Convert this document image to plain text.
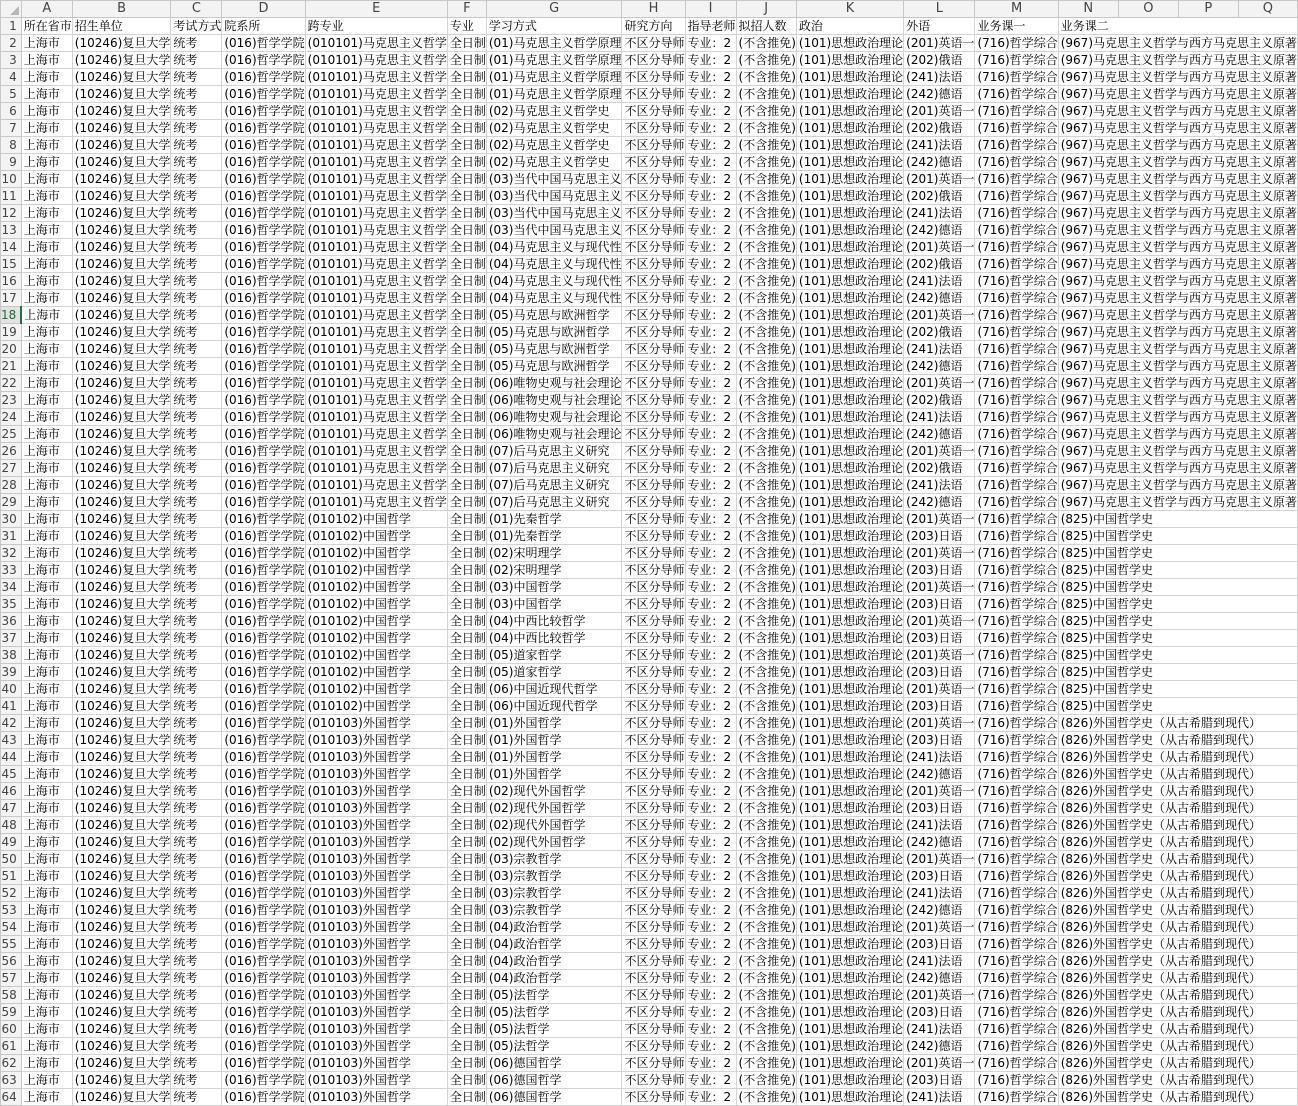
	A	B	C	D	E	F	G	H	I	J	K	L	M	N	O	P	Q
1	所在省市	招生单位	考试方式	院系所	跨专业	专业	学习方式	研究方向	指导老师	拟招人数	政治	外语	业务课一	业务课二			
2	上海市	(10246)复旦大学	统考	(016)哲学学院	(010101)马克思主义哲学	全日制	(01)马克思主义哲学原理	不区分导师	专业：2	(不含推免)	(101)思想政治理论	(201)英语一	(716)哲学综合	(967)马克思主义哲学与西方马克思主义原著			
3	上海市	(10246)复旦大学	统考	(016)哲学学院	(010101)马克思主义哲学	全日制	(01)马克思主义哲学原理	不区分导师	专业：2	(不含推免)	(101)思想政治理论	(202)俄语	(716)哲学综合	(967)马克思主义哲学与西方马克思主义原著			
4	上海市	(10246)复旦大学	统考	(016)哲学学院	(010101)马克思主义哲学	全日制	(01)马克思主义哲学原理	不区分导师	专业：2	(不含推免)	(101)思想政治理论	(241)法语	(716)哲学综合	(967)马克思主义哲学与西方马克思主义原著			
5	上海市	(10246)复旦大学	统考	(016)哲学学院	(010101)马克思主义哲学	全日制	(01)马克思主义哲学原理	不区分导师	专业：2	(不含推免)	(101)思想政治理论	(242)德语	(716)哲学综合	(967)马克思主义哲学与西方马克思主义原著			
6	上海市	(10246)复旦大学	统考	(016)哲学学院	(010101)马克思主义哲学	全日制	(02)马克思主义哲学史	不区分导师	专业：2	(不含推免)	(101)思想政治理论	(201)英语一	(716)哲学综合	(967)马克思主义哲学与西方马克思主义原著			
7	上海市	(10246)复旦大学	统考	(016)哲学学院	(010101)马克思主义哲学	全日制	(02)马克思主义哲学史	不区分导师	专业：2	(不含推免)	(101)思想政治理论	(202)俄语	(716)哲学综合	(967)马克思主义哲学与西方马克思主义原著			
8	上海市	(10246)复旦大学	统考	(016)哲学学院	(010101)马克思主义哲学	全日制	(02)马克思主义哲学史	不区分导师	专业：2	(不含推免)	(101)思想政治理论	(241)法语	(716)哲学综合	(967)马克思主义哲学与西方马克思主义原著			
9	上海市	(10246)复旦大学	统考	(016)哲学学院	(010101)马克思主义哲学	全日制	(02)马克思主义哲学史	不区分导师	专业：2	(不含推免)	(101)思想政治理论	(242)德语	(716)哲学综合	(967)马克思主义哲学与西方马克思主义原著			
10	上海市	(10246)复旦大学	统考	(016)哲学学院	(010101)马克思主义哲学	全日制	(03)当代中国马克思主义	不区分导师	专业：2	(不含推免)	(101)思想政治理论	(201)英语一	(716)哲学综合	(967)马克思主义哲学与西方马克思主义原著			
11	上海市	(10246)复旦大学	统考	(016)哲学学院	(010101)马克思主义哲学	全日制	(03)当代中国马克思主义	不区分导师	专业：2	(不含推免)	(101)思想政治理论	(202)俄语	(716)哲学综合	(967)马克思主义哲学与西方马克思主义原著			
12	上海市	(10246)复旦大学	统考	(016)哲学学院	(010101)马克思主义哲学	全日制	(03)当代中国马克思主义	不区分导师	专业：2	(不含推免)	(101)思想政治理论	(241)法语	(716)哲学综合	(967)马克思主义哲学与西方马克思主义原著			
13	上海市	(10246)复旦大学	统考	(016)哲学学院	(010101)马克思主义哲学	全日制	(03)当代中国马克思主义	不区分导师	专业：2	(不含推免)	(101)思想政治理论	(242)德语	(716)哲学综合	(967)马克思主义哲学与西方马克思主义原著			
14	上海市	(10246)复旦大学	统考	(016)哲学学院	(010101)马克思主义哲学	全日制	(04)马克思主义与现代性	不区分导师	专业：2	(不含推免)	(101)思想政治理论	(201)英语一	(716)哲学综合	(967)马克思主义哲学与西方马克思主义原著			
15	上海市	(10246)复旦大学	统考	(016)哲学学院	(010101)马克思主义哲学	全日制	(04)马克思主义与现代性	不区分导师	专业：2	(不含推免)	(101)思想政治理论	(202)俄语	(716)哲学综合	(967)马克思主义哲学与西方马克思主义原著			
16	上海市	(10246)复旦大学	统考	(016)哲学学院	(010101)马克思主义哲学	全日制	(04)马克思主义与现代性	不区分导师	专业：2	(不含推免)	(101)思想政治理论	(241)法语	(716)哲学综合	(967)马克思主义哲学与西方马克思主义原著			
17	上海市	(10246)复旦大学	统考	(016)哲学学院	(010101)马克思主义哲学	全日制	(04)马克思主义与现代性	不区分导师	专业：2	(不含推免)	(101)思想政治理论	(242)德语	(716)哲学综合	(967)马克思主义哲学与西方马克思主义原著			
18	上海市	(10246)复旦大学	统考	(016)哲学学院	(010101)马克思主义哲学	全日制	(05)马克思与欧洲哲学	不区分导师	专业：2	(不含推免)	(101)思想政治理论	(201)英语一	(716)哲学综合	(967)马克思主义哲学与西方马克思主义原著			
19	上海市	(10246)复旦大学	统考	(016)哲学学院	(010101)马克思主义哲学	全日制	(05)马克思与欧洲哲学	不区分导师	专业：2	(不含推免)	(101)思想政治理论	(202)俄语	(716)哲学综合	(967)马克思主义哲学与西方马克思主义原著			
20	上海市	(10246)复旦大学	统考	(016)哲学学院	(010101)马克思主义哲学	全日制	(05)马克思与欧洲哲学	不区分导师	专业：2	(不含推免)	(101)思想政治理论	(241)法语	(716)哲学综合	(967)马克思主义哲学与西方马克思主义原著			
21	上海市	(10246)复旦大学	统考	(016)哲学学院	(010101)马克思主义哲学	全日制	(05)马克思与欧洲哲学	不区分导师	专业：2	(不含推免)	(101)思想政治理论	(242)德语	(716)哲学综合	(967)马克思主义哲学与西方马克思主义原著			
22	上海市	(10246)复旦大学	统考	(016)哲学学院	(010101)马克思主义哲学	全日制	(06)唯物史观与社会理论	不区分导师	专业：2	(不含推免)	(101)思想政治理论	(201)英语一	(716)哲学综合	(967)马克思主义哲学与西方马克思主义原著			
23	上海市	(10246)复旦大学	统考	(016)哲学学院	(010101)马克思主义哲学	全日制	(06)唯物史观与社会理论	不区分导师	专业：2	(不含推免)	(101)思想政治理论	(202)俄语	(716)哲学综合	(967)马克思主义哲学与西方马克思主义原著			
24	上海市	(10246)复旦大学	统考	(016)哲学学院	(010101)马克思主义哲学	全日制	(06)唯物史观与社会理论	不区分导师	专业：2	(不含推免)	(101)思想政治理论	(241)法语	(716)哲学综合	(967)马克思主义哲学与西方马克思主义原著			
25	上海市	(10246)复旦大学	统考	(016)哲学学院	(010101)马克思主义哲学	全日制	(06)唯物史观与社会理论	不区分导师	专业：2	(不含推免)	(101)思想政治理论	(242)德语	(716)哲学综合	(967)马克思主义哲学与西方马克思主义原著			
26	上海市	(10246)复旦大学	统考	(016)哲学学院	(010101)马克思主义哲学	全日制	(07)后马克思主义研究	不区分导师	专业：2	(不含推免)	(101)思想政治理论	(201)英语一	(716)哲学综合	(967)马克思主义哲学与西方马克思主义原著			
27	上海市	(10246)复旦大学	统考	(016)哲学学院	(010101)马克思主义哲学	全日制	(07)后马克思主义研究	不区分导师	专业：2	(不含推免)	(101)思想政治理论	(202)俄语	(716)哲学综合	(967)马克思主义哲学与西方马克思主义原著			
28	上海市	(10246)复旦大学	统考	(016)哲学学院	(010101)马克思主义哲学	全日制	(07)后马克思主义研究	不区分导师	专业：2	(不含推免)	(101)思想政治理论	(241)法语	(716)哲学综合	(967)马克思主义哲学与西方马克思主义原著			
29	上海市	(10246)复旦大学	统考	(016)哲学学院	(010101)马克思主义哲学	全日制	(07)后马克思主义研究	不区分导师	专业：2	(不含推免)	(101)思想政治理论	(242)德语	(716)哲学综合	(967)马克思主义哲学与西方马克思主义原著			
30	上海市	(10246)复旦大学	统考	(016)哲学学院	(010102)中国哲学	全日制	(01)先秦哲学	不区分导师	专业：2	(不含推免)	(101)思想政治理论	(201)英语一	(716)哲学综合	(825)中国哲学史			
31	上海市	(10246)复旦大学	统考	(016)哲学学院	(010102)中国哲学	全日制	(01)先秦哲学	不区分导师	专业：2	(不含推免)	(101)思想政治理论	(203)日语	(716)哲学综合	(825)中国哲学史			
32	上海市	(10246)复旦大学	统考	(016)哲学学院	(010102)中国哲学	全日制	(02)宋明理学	不区分导师	专业：2	(不含推免)	(101)思想政治理论	(201)英语一	(716)哲学综合	(825)中国哲学史			
33	上海市	(10246)复旦大学	统考	(016)哲学学院	(010102)中国哲学	全日制	(02)宋明理学	不区分导师	专业：2	(不含推免)	(101)思想政治理论	(203)日语	(716)哲学综合	(825)中国哲学史			
34	上海市	(10246)复旦大学	统考	(016)哲学学院	(010102)中国哲学	全日制	(03)中国哲学	不区分导师	专业：2	(不含推免)	(101)思想政治理论	(201)英语一	(716)哲学综合	(825)中国哲学史			
35	上海市	(10246)复旦大学	统考	(016)哲学学院	(010102)中国哲学	全日制	(03)中国哲学	不区分导师	专业：2	(不含推免)	(101)思想政治理论	(203)日语	(716)哲学综合	(825)中国哲学史			
36	上海市	(10246)复旦大学	统考	(016)哲学学院	(010102)中国哲学	全日制	(04)中西比较哲学	不区分导师	专业：2	(不含推免)	(101)思想政治理论	(201)英语一	(716)哲学综合	(825)中国哲学史			
37	上海市	(10246)复旦大学	统考	(016)哲学学院	(010102)中国哲学	全日制	(04)中西比较哲学	不区分导师	专业：2	(不含推免)	(101)思想政治理论	(203)日语	(716)哲学综合	(825)中国哲学史			
38	上海市	(10246)复旦大学	统考	(016)哲学学院	(010102)中国哲学	全日制	(05)道家哲学	不区分导师	专业：2	(不含推免)	(101)思想政治理论	(201)英语一	(716)哲学综合	(825)中国哲学史			
39	上海市	(10246)复旦大学	统考	(016)哲学学院	(010102)中国哲学	全日制	(05)道家哲学	不区分导师	专业：2	(不含推免)	(101)思想政治理论	(203)日语	(716)哲学综合	(825)中国哲学史			
40	上海市	(10246)复旦大学	统考	(016)哲学学院	(010102)中国哲学	全日制	(06)中国近现代哲学	不区分导师	专业：2	(不含推免)	(101)思想政治理论	(201)英语一	(716)哲学综合	(825)中国哲学史			
41	上海市	(10246)复旦大学	统考	(016)哲学学院	(010102)中国哲学	全日制	(06)中国近现代哲学	不区分导师	专业：2	(不含推免)	(101)思想政治理论	(203)日语	(716)哲学综合	(825)中国哲学史			
42	上海市	(10246)复旦大学	统考	(016)哲学学院	(010103)外国哲学	全日制	(01)外国哲学	不区分导师	专业：2	(不含推免)	(101)思想政治理论	(201)英语一	(716)哲学综合	(826)外国哲学史（从古希腊到现代）			
43	上海市	(10246)复旦大学	统考	(016)哲学学院	(010103)外国哲学	全日制	(01)外国哲学	不区分导师	专业：2	(不含推免)	(101)思想政治理论	(203)日语	(716)哲学综合	(826)外国哲学史（从古希腊到现代）			
44	上海市	(10246)复旦大学	统考	(016)哲学学院	(010103)外国哲学	全日制	(01)外国哲学	不区分导师	专业：2	(不含推免)	(101)思想政治理论	(241)法语	(716)哲学综合	(826)外国哲学史（从古希腊到现代）			
45	上海市	(10246)复旦大学	统考	(016)哲学学院	(010103)外国哲学	全日制	(01)外国哲学	不区分导师	专业：2	(不含推免)	(101)思想政治理论	(242)德语	(716)哲学综合	(826)外国哲学史（从古希腊到现代）			
46	上海市	(10246)复旦大学	统考	(016)哲学学院	(010103)外国哲学	全日制	(02)现代外国哲学	不区分导师	专业：2	(不含推免)	(101)思想政治理论	(201)英语一	(716)哲学综合	(826)外国哲学史（从古希腊到现代）			
47	上海市	(10246)复旦大学	统考	(016)哲学学院	(010103)外国哲学	全日制	(02)现代外国哲学	不区分导师	专业：2	(不含推免)	(101)思想政治理论	(203)日语	(716)哲学综合	(826)外国哲学史（从古希腊到现代）			
48	上海市	(10246)复旦大学	统考	(016)哲学学院	(010103)外国哲学	全日制	(02)现代外国哲学	不区分导师	专业：2	(不含推免)	(101)思想政治理论	(241)法语	(716)哲学综合	(826)外国哲学史（从古希腊到现代）			
49	上海市	(10246)复旦大学	统考	(016)哲学学院	(010103)外国哲学	全日制	(02)现代外国哲学	不区分导师	专业：2	(不含推免)	(101)思想政治理论	(242)德语	(716)哲学综合	(826)外国哲学史（从古希腊到现代）			
50	上海市	(10246)复旦大学	统考	(016)哲学学院	(010103)外国哲学	全日制	(03)宗教哲学	不区分导师	专业：2	(不含推免)	(101)思想政治理论	(201)英语一	(716)哲学综合	(826)外国哲学史（从古希腊到现代）			
51	上海市	(10246)复旦大学	统考	(016)哲学学院	(010103)外国哲学	全日制	(03)宗教哲学	不区分导师	专业：2	(不含推免)	(101)思想政治理论	(203)日语	(716)哲学综合	(826)外国哲学史（从古希腊到现代）			
52	上海市	(10246)复旦大学	统考	(016)哲学学院	(010103)外国哲学	全日制	(03)宗教哲学	不区分导师	专业：2	(不含推免)	(101)思想政治理论	(241)法语	(716)哲学综合	(826)外国哲学史（从古希腊到现代）			
53	上海市	(10246)复旦大学	统考	(016)哲学学院	(010103)外国哲学	全日制	(03)宗教哲学	不区分导师	专业：2	(不含推免)	(101)思想政治理论	(242)德语	(716)哲学综合	(826)外国哲学史（从古希腊到现代）			
54	上海市	(10246)复旦大学	统考	(016)哲学学院	(010103)外国哲学	全日制	(04)政治哲学	不区分导师	专业：2	(不含推免)	(101)思想政治理论	(201)英语一	(716)哲学综合	(826)外国哲学史（从古希腊到现代）			
55	上海市	(10246)复旦大学	统考	(016)哲学学院	(010103)外国哲学	全日制	(04)政治哲学	不区分导师	专业：2	(不含推免)	(101)思想政治理论	(203)日语	(716)哲学综合	(826)外国哲学史（从古希腊到现代）			
56	上海市	(10246)复旦大学	统考	(016)哲学学院	(010103)外国哲学	全日制	(04)政治哲学	不区分导师	专业：2	(不含推免)	(101)思想政治理论	(241)法语	(716)哲学综合	(826)外国哲学史（从古希腊到现代）			
57	上海市	(10246)复旦大学	统考	(016)哲学学院	(010103)外国哲学	全日制	(04)政治哲学	不区分导师	专业：2	(不含推免)	(101)思想政治理论	(242)德语	(716)哲学综合	(826)外国哲学史（从古希腊到现代）			
58	上海市	(10246)复旦大学	统考	(016)哲学学院	(010103)外国哲学	全日制	(05)法哲学	不区分导师	专业：2	(不含推免)	(101)思想政治理论	(201)英语一	(716)哲学综合	(826)外国哲学史（从古希腊到现代）			
59	上海市	(10246)复旦大学	统考	(016)哲学学院	(010103)外国哲学	全日制	(05)法哲学	不区分导师	专业：2	(不含推免)	(101)思想政治理论	(203)日语	(716)哲学综合	(826)外国哲学史（从古希腊到现代）			
60	上海市	(10246)复旦大学	统考	(016)哲学学院	(010103)外国哲学	全日制	(05)法哲学	不区分导师	专业：2	(不含推免)	(101)思想政治理论	(241)法语	(716)哲学综合	(826)外国哲学史（从古希腊到现代）			
61	上海市	(10246)复旦大学	统考	(016)哲学学院	(010103)外国哲学	全日制	(05)法哲学	不区分导师	专业：2	(不含推免)	(101)思想政治理论	(242)德语	(716)哲学综合	(826)外国哲学史（从古希腊到现代）			
62	上海市	(10246)复旦大学	统考	(016)哲学学院	(010103)外国哲学	全日制	(06)德国哲学	不区分导师	专业：2	(不含推免)	(101)思想政治理论	(201)英语一	(716)哲学综合	(826)外国哲学史（从古希腊到现代）			
63	上海市	(10246)复旦大学	统考	(016)哲学学院	(010103)外国哲学	全日制	(06)德国哲学	不区分导师	专业：2	(不含推免)	(101)思想政治理论	(203)日语	(716)哲学综合	(826)外国哲学史（从古希腊到现代）			
64	上海市	(10246)复旦大学	统考	(016)哲学学院	(010103)外国哲学	全日制	(06)德国哲学	不区分导师	专业：2	(不含推免)	(101)思想政治理论	(241)法语	(716)哲学综合	(826)外国哲学史（从古希腊到现代）			
